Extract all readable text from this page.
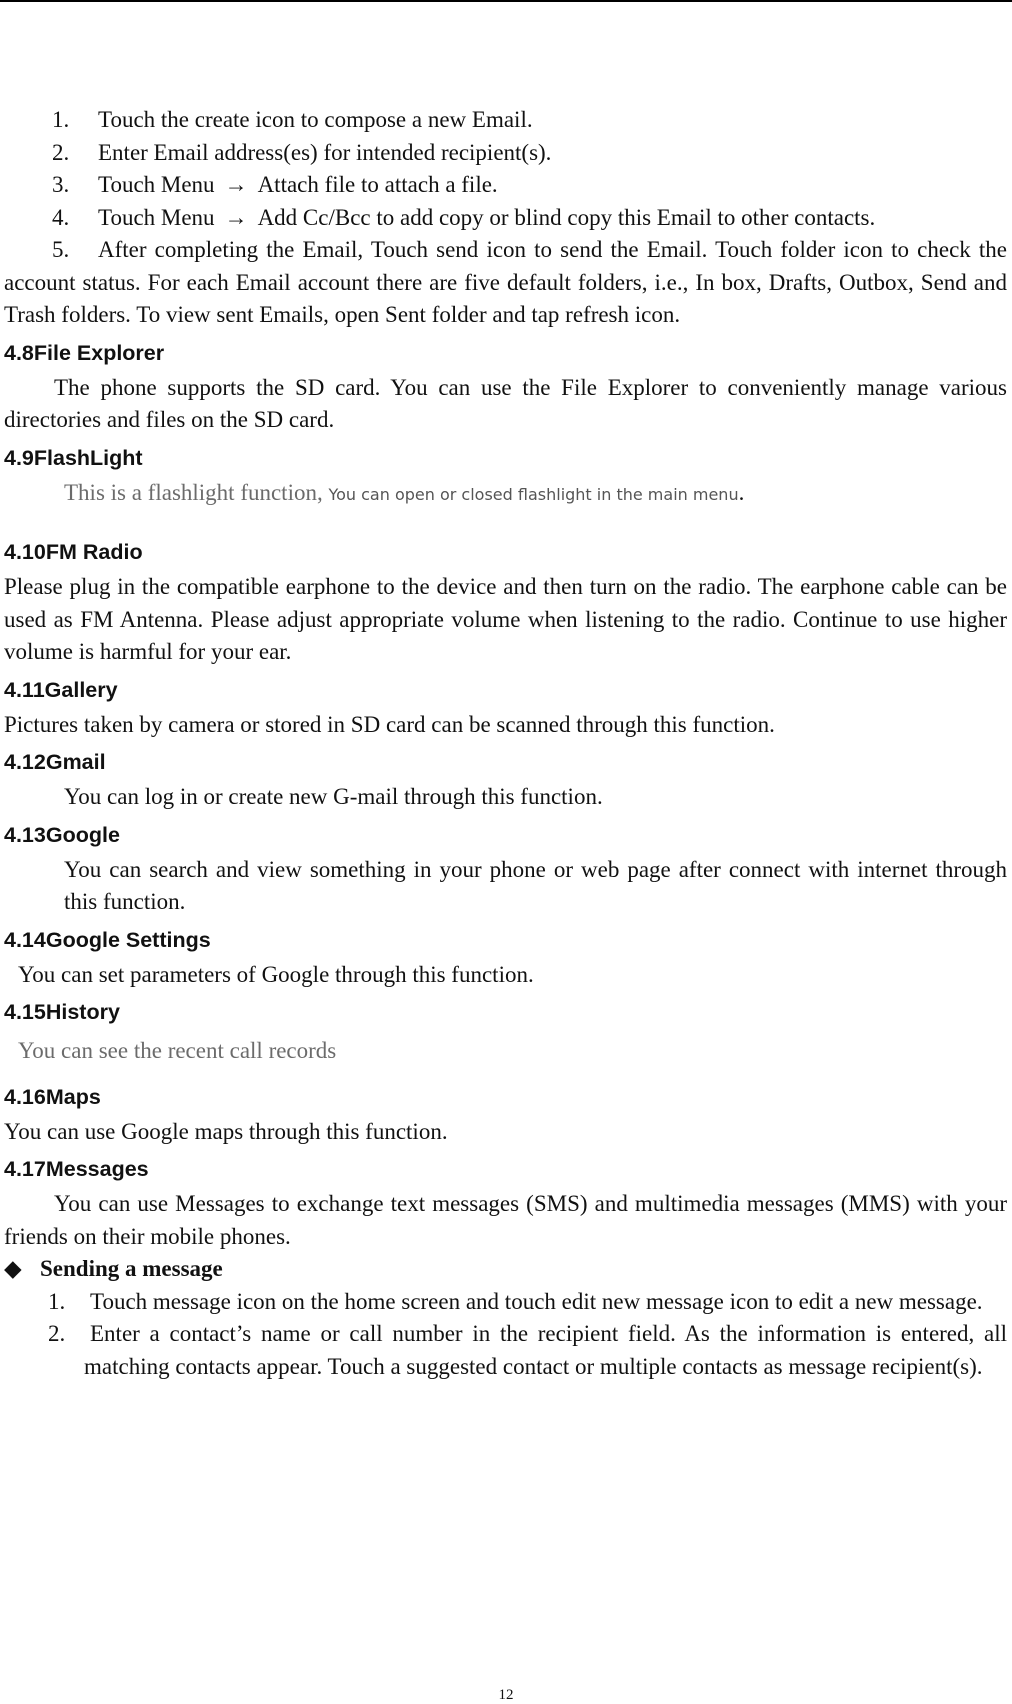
1. Touch the create icon to compose a new Email.

2. Enter Email address(es) for intended recipient(s).

3. Touch Menu → Attach file to attach a file.

4. Touch Menu → Add Cc/Bcc to add copy or blind copy this Email to other contacts.

5. After completing the Email, Touch send icon to send the Email. Touch folder icon to check the account status. For each Email account there are five default folders, i.e., In box, Drafts, Outbox, Send and Trash folders. To view sent Emails, open Sent folder and tap refresh icon.

4.8File Explorer

The phone supports the SD card. You can use the File Explorer to conveniently manage various directories and files on the SD card.

4.9FlashLight

This is a flashlight function, You can open or closed flashlight in the main menu.

4.10FM Radio

Please plug in the compatible earphone to the device and then turn on the radio. The earphone cable can be used as FM Antenna. Please adjust appropriate volume when listening to the radio. Continue to use higher volume is harmful for your ear.

4.11Gallery

Pictures taken by camera or stored in SD card can be scanned through this function.

4.12Gmail

You can log in or create new G-mail through this function.

4.13Google

You can search and view something in your phone or web page after connect with internet through this function.

4.14Google Settings

You can set parameters of Google through this function.

4.15History

You can see the recent call records

4.16Maps

You can use Google maps through this function.

4.17Messages

You can use Messages to exchange text messages (SMS) and multimedia messages (MMS) with your friends on their mobile phones.

◆ Sending a message

1. Touch message icon on the home screen and touch edit new message icon to edit a new message.

2. Enter a contact’s name or call number in the recipient field. As the information is entered, all matching contacts appear. Touch a suggested contact or multiple contacts as message recipient(s).

12
